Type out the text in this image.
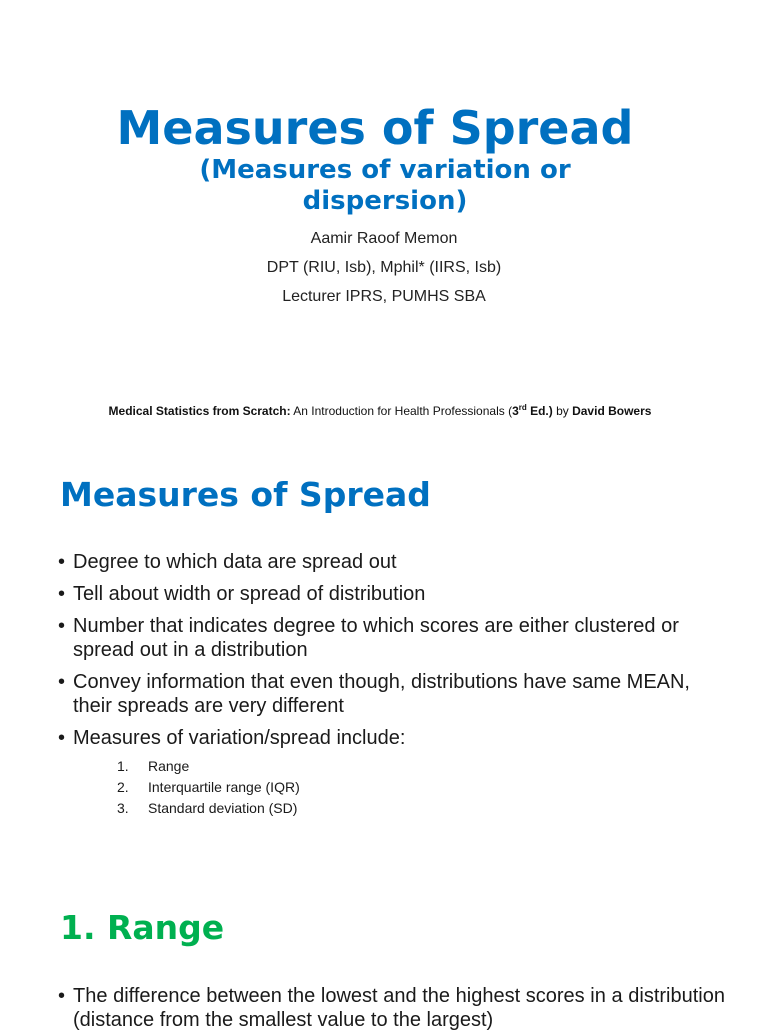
Measures of Spread
(Measures of variation or dispersion)
Aamir Raoof Memon
DPT (RIU, Isb), Mphil* (IIRS, Isb)
Lecturer IPRS, PUMHS SBA
Medical Statistics from Scratch: An Introduction for Health Professionals (3rd Ed.) by David Bowers
Measures of Spread
• Degree to which data are spread out
• Tell about width or spread of distribution
• Number that indicates degree to which scores are either clustered or spread out in a distribution
• Convey information that even though, distributions have same MEAN, their spreads are very different
• Measures of variation/spread include:
1. Range
2. Interquartile range (IQR)
3. Standard deviation (SD)
1. Range
• The difference between the lowest and the highest scores in a distribution (distance from the smallest value to the largest)
